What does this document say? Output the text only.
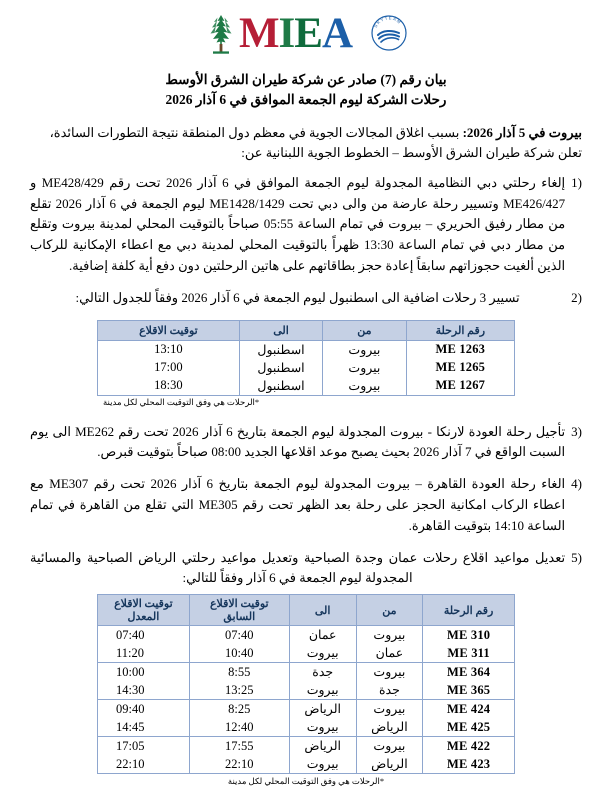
M I E A	SKYTEAM
بيان رقم (7) صادر عن شركة طيران الشرق الأوسط
رحلات الشركة ليوم الجمعة الموافق في 6 آذار 2026
بيروت في 5 آذار 2026: بسبب اغلاق المجالات الجوية في معظم دول المنطقة نتيجة التطورات السائدة،
تعلن شركة طيران الشرق الأوسط – الخطوط الجوية اللبنانية عن:
1)
إلغاء رحلتي دبي النظامية المجدولة ليوم الجمعة الموافق في 6 آذار 2026 تحت رقم ME428/429 و ME426/427 وتسيير رحلة عارضة من والى دبي تحت ME1428/1429 ليوم الجمعة في 6 آذار 2026 تقلع من مطار رفيق الحريري – بيروت في تمام الساعة 05:55 صباحاً بالتوقيت المحلي لمدينة بيروت وتقلع من مطار دبي في تمام الساعة 13:30 ظهراً بالتوقيت المحلي لمدينة دبي مع اعطاء الإمكانية للركاب الذين ألغيت حجوزاتهم سابقاً إعادة حجز بطاقاتهم على هاتين الرحلتين دون دفع أية كلفة إضافية.
2)
تسيير 3 رحلات اضافية الى اسطنبول ليوم الجمعة في 6 آذار 2026 وفقاً للجدول التالي:
رقم الرحلة	من	الى	توقيت الاقلاع
ME 1263	بيروت	اسطنبول	13:10
ME 1265	بيروت	اسطنبول	17:00
ME 1267	بيروت	اسطنبول	18:30
*الرحلات هي وفق التوقيت المحلي لكل مدينة
3)
تأجيل رحلة العودة لارنكا - بيروت المجدولة ليوم الجمعة بتاريخ 6 آذار 2026 تحت رقم ME262 الى يوم السبت الواقع في 7 آذار 2026 بحيث يصبح موعد اقلاعها الجديد 08:00 صباحاً بتوقيت قبرص.
4)
الغاء رحلة العودة القاهرة – بيروت المجدولة ليوم الجمعة بتاريخ 6 آذار 2026 تحت رقم ME307 مع اعطاء الركاب امكانية الحجز على رحلة بعد الظهر تحت رقم ME305 التي تقلع من القاهرة في تمام الساعة 14:10 بتوقيت القاهرة.
5)
تعديل مواعيد اقلاع رحلات عمان وجدة الصباحية وتعديل مواعيد رحلتي الرياض الصباحية والمسائية المجدولة ليوم الجمعة في 6 آذار وفقاً للتالي:
رقم الرحلة	من	الى	توقيت الاقلاع السابق	توقيت الاقلاع المعدل
ME 310	بيروت	عمان	07:40	07:40
ME 311	عمان	بيروت	10:40	11:20
ME 364	بيروت	جدة	8:55	10:00
ME 365	جدة	بيروت	13:25	14:30
ME 424	بيروت	الرياض	8:25	09:40
ME 425	الرياض	بيروت	12:40	14:45
ME 422	بيروت	الرياض	17:55	17:05
ME 423	الرياض	بيروت	22:10	22:10
*الرحلات هي وفق التوقيت المحلي لكل مدينة
